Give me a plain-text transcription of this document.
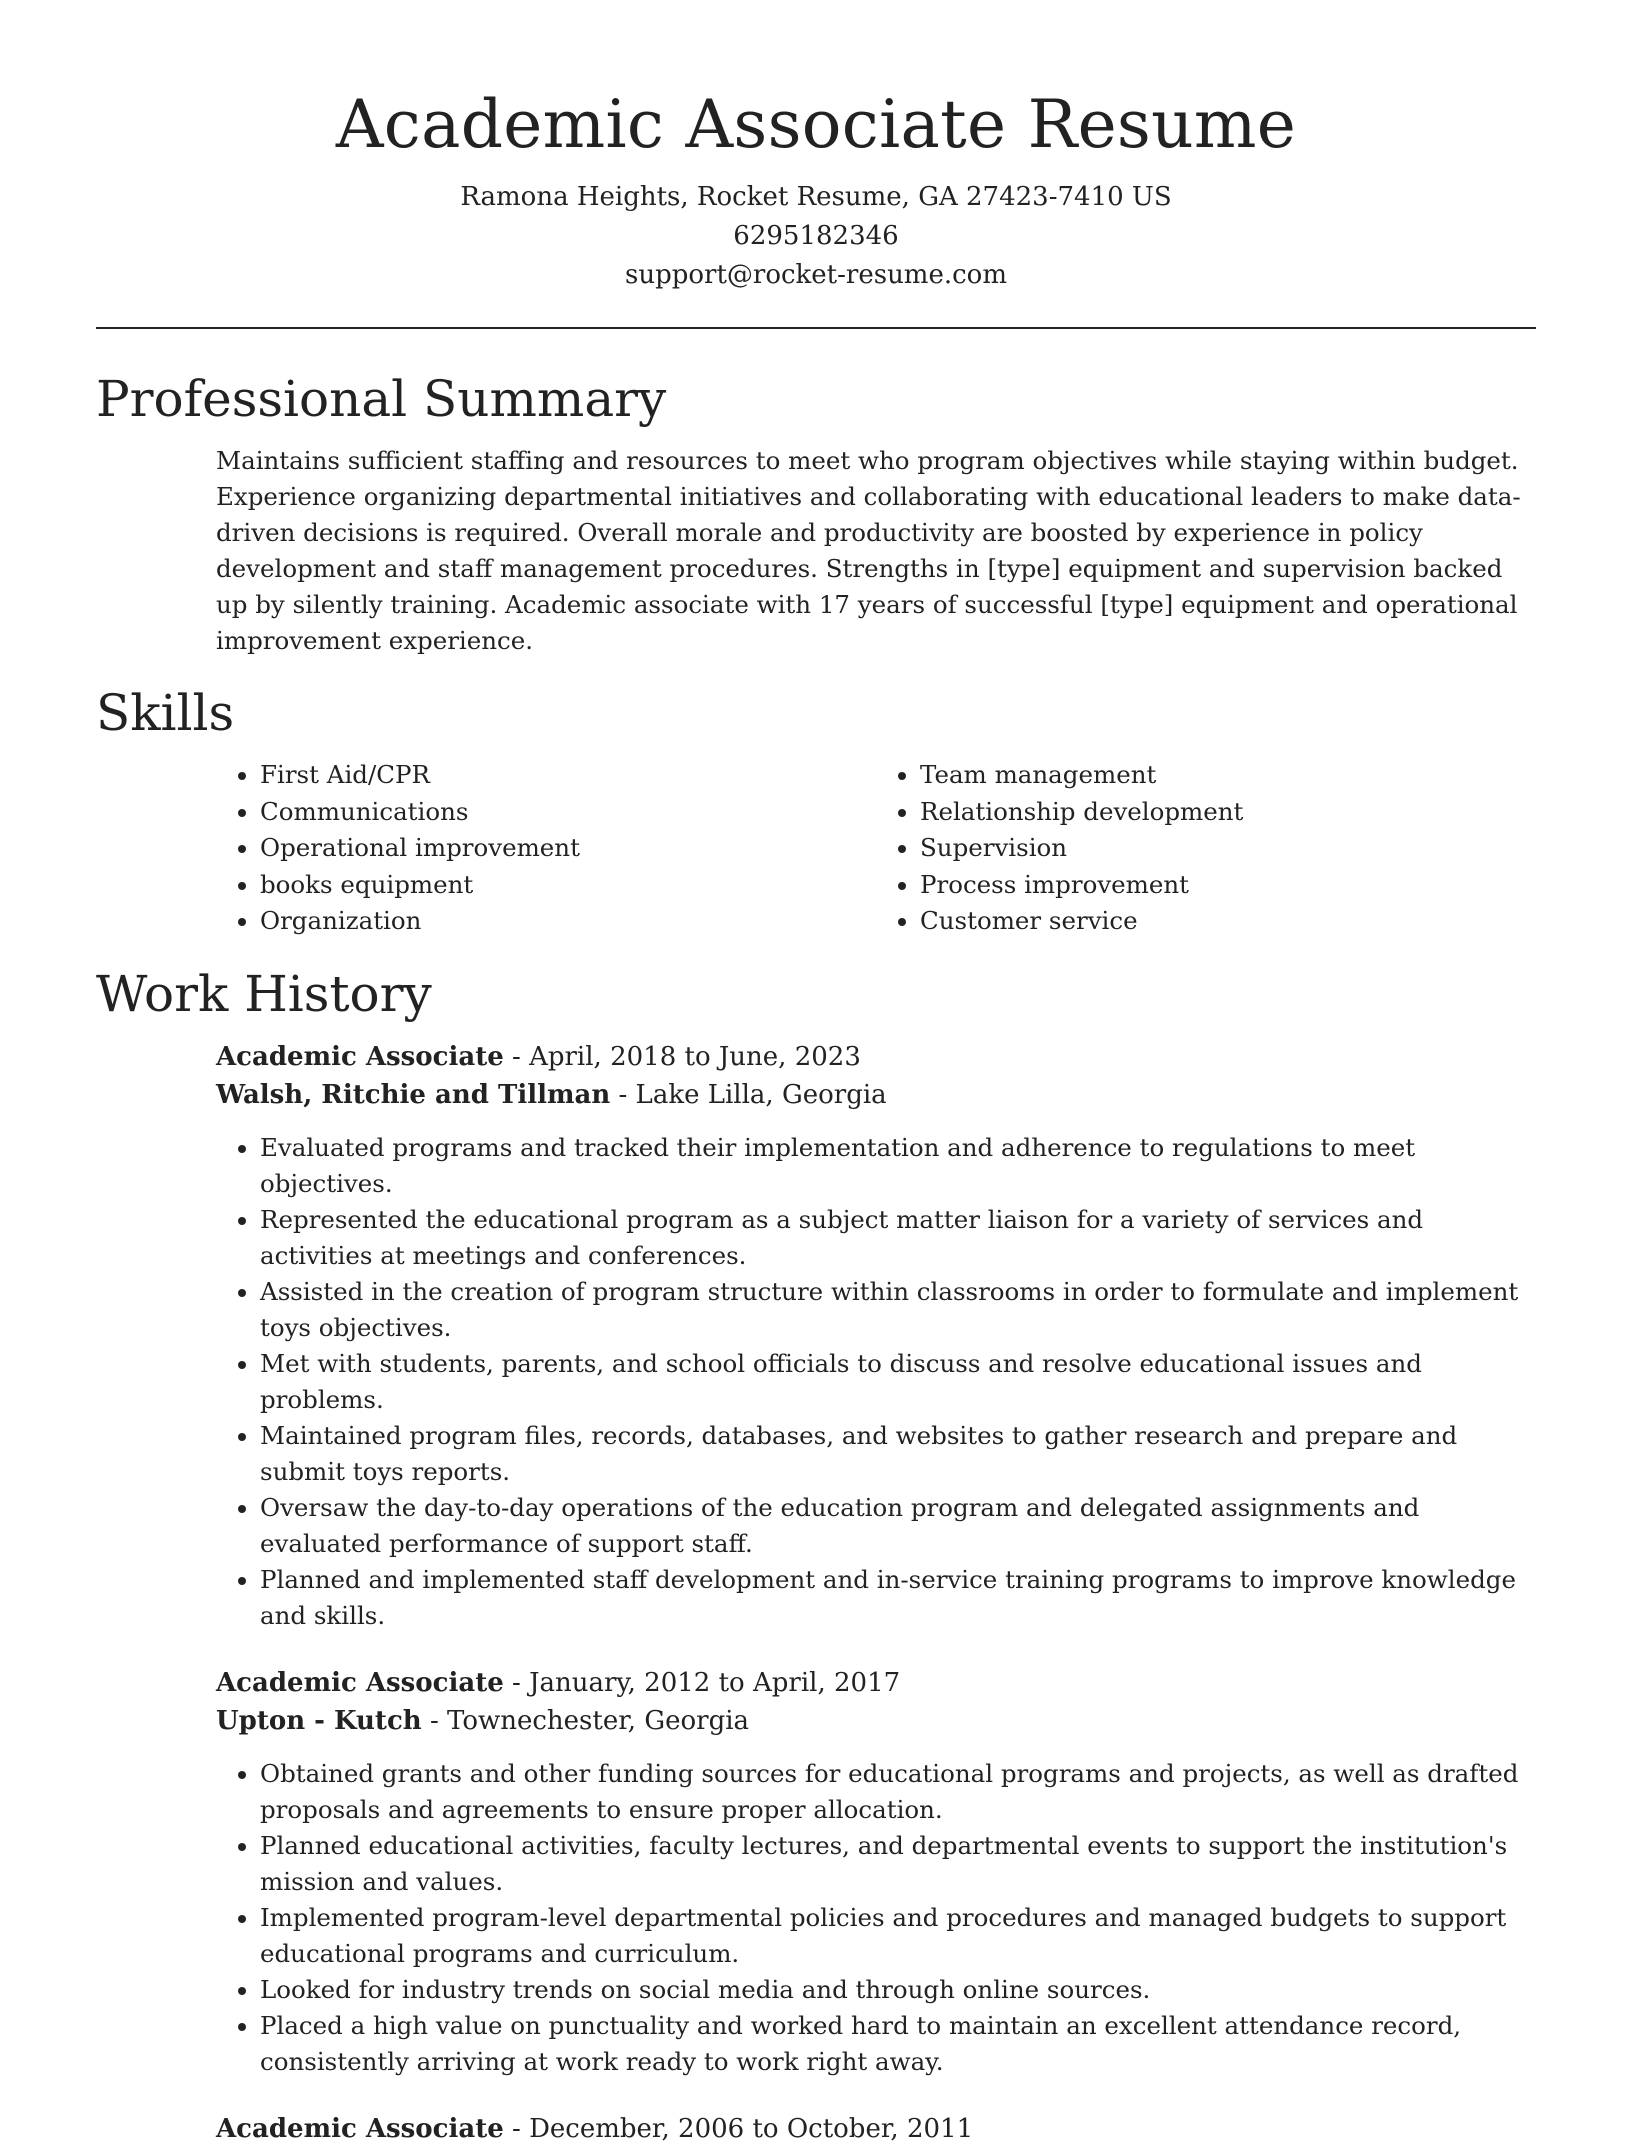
Academic Associate Resume
Ramona Heights, Rocket Resume, GA 27423-7410 US
6295182346
support@rocket-resume.com
Professional Summary
Maintains sufficient staffing and resources to meet who program objectives while staying within budget. Experience organizing departmental initiatives and collaborating with educational leaders to make data-driven decisions is required. Overall morale and productivity are boosted by experience in policy development and staff management procedures. Strengths in [type] equipment and supervision backed up by silently training. Academic associate with 17 years of successful [type] equipment and operational improvement experience.
Skills
• First Aid/CPR
• Communications
• Operational improvement
• books equipment
• Organization
• Team management
• Relationship development
• Supervision
• Process improvement
• Customer service
Work History
Academic Associate - April, 2018 to June, 2023
Walsh, Ritchie and Tillman - Lake Lilla, Georgia
• Evaluated programs and tracked their implementation and adherence to regulations to meet objectives.
• Represented the educational program as a subject matter liaison for a variety of services and activities at meetings and conferences.
• Assisted in the creation of program structure within classrooms in order to formulate and implement toys objectives.
• Met with students, parents, and school officials to discuss and resolve educational issues and problems.
• Maintained program files, records, databases, and websites to gather research and prepare and submit toys reports.
• Oversaw the day-to-day operations of the education program and delegated assignments and evaluated performance of support staff.
• Planned and implemented staff development and in-service training programs to improve knowledge and skills.
Academic Associate - January, 2012 to April, 2017
Upton - Kutch - Townechester, Georgia
• Obtained grants and other funding sources for educational programs and projects, as well as drafted proposals and agreements to ensure proper allocation.
• Planned educational activities, faculty lectures, and departmental events to support the institution's mission and values.
• Implemented program-level departmental policies and procedures and managed budgets to support educational programs and curriculum.
• Looked for industry trends on social media and through online sources.
• Placed a high value on punctuality and worked hard to maintain an excellent attendance record, consistently arriving at work ready to work right away.
Academic Associate - December, 2006 to October, 2011
